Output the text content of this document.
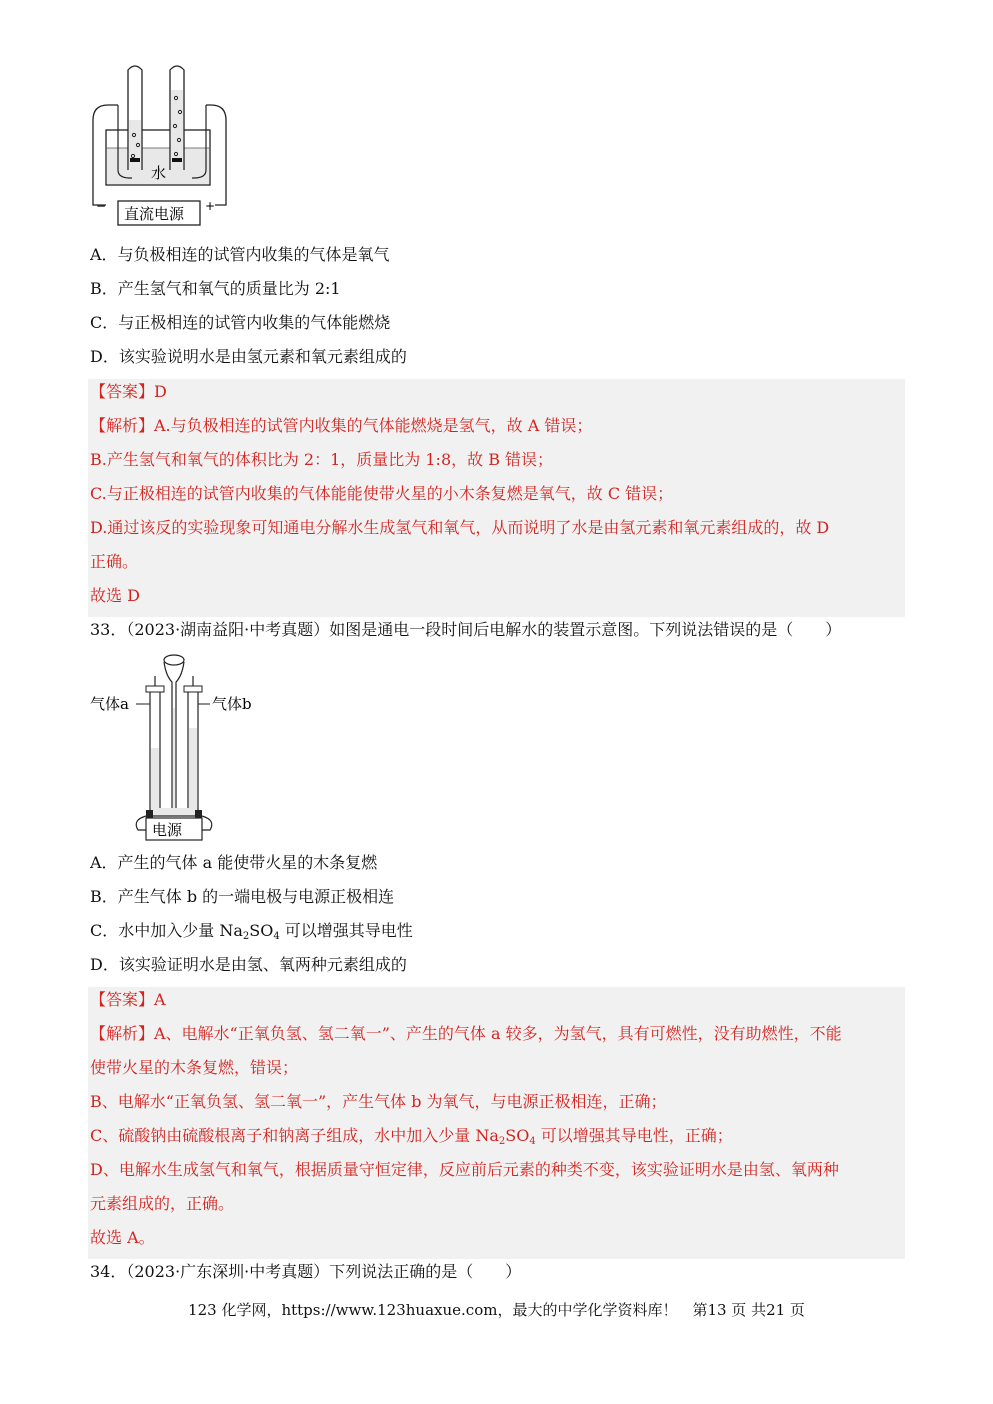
水
直流电源
−	+
A．与负极相连的试管内收集的气体是氧气
B．产生氢气和氧气的质量比为 2:1
C．与正极相连的试管内收集的气体能燃烧
D．该实验说明水是由氢元素和氧元素组成的
【答案】D
【解析】A.与负极相连的试管内收集的气体能燃烧是氢气，故 A 错误；
B.产生氢气和氧气的体积比为 2：1，质量比为 1:8，故 B 错误；
C.与正极相连的试管内收集的气体能能使带火星的小木条复燃是氧气，故 C 错误；
D.通过该反的实验现象可知通电分解水生成氢气和氧气，从而说明了水是由氢元素和氧元素组成的，故 D
正确。
故选 D
33．（2023·湖南益阳·中考真题）如图是通电一段时间后电解水的装置示意图。下列说法错误的是（　　）
电源
气体a	气体b
A．产生的气体 a 能使带火星的木条复燃
B．产生气体 b 的一端电极与电源正极相连
C．水中加入少量 $Na_2SO_4$ 可以增强其导电性
D．该实验证明水是由氢、氧两种元素组成的
【答案】A
【解析】A、电解水“正氧负氢、氢二氧一”、产生的气体 a 较多，为氢气，具有可燃性，没有助燃性，不能
使带火星的木条复燃，错误；
B、电解水“正氧负氢、氢二氧一”，产生气体 b 为氧气，与电源正极相连，正确；
C、硫酸钠由硫酸根离子和钠离子组成，水中加入少量 $Na_2SO_4$ 可以增强其导电性，正确；
D、电解水生成氢气和氧气，根据质量守恒定律，反应前后元素的种类不变，该实验证明水是由氢、氧两种
元素组成的，正确。
故选 A。
34．（2023·广东深圳·中考真题）下列说法正确的是（　　）
123 化学网，https://www.123huaxue.com，最大的中学化学资料库！　第13 页 共21 页
